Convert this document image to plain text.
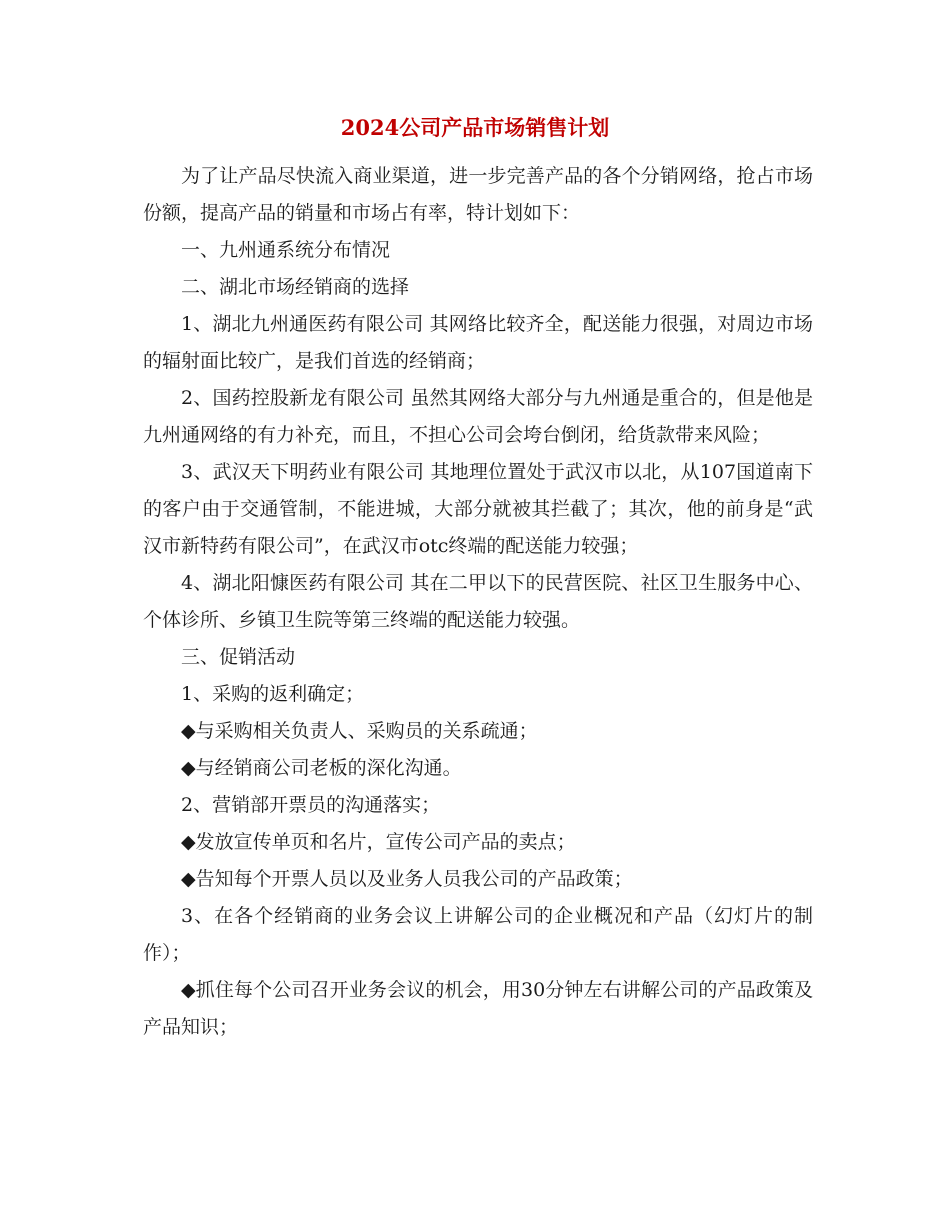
2024公司产品市场销售计划

为了让产品尽快流入商业渠道，进一步完善产品的各个分销网络，抢占市场份额，提高产品的销量和市场占有率，特计划如下：

一、九州通系统分布情况

二、湖北市场经销商的选择

1、湖北九州通医药有限公司 其网络比较齐全，配送能力很强，对周边市场的辐射面比较广，是我们首选的经销商；

2、国药控股新龙有限公司 虽然其网络大部分与九州通是重合的，但是他是九州通网络的有力补充，而且，不担心公司会垮台倒闭，给货款带来风险；

3、武汉天下明药业有限公司 其地理位置处于武汉市以北，从107国道南下的客户由于交通管制，不能进城，大部分就被其拦截了；其次，他的前身是“武汉市新特药有限公司”，在武汉市otc终端的配送能力较强；

4、湖北阳慷医药有限公司 其在二甲以下的民营医院、社区卫生服务中心、个体诊所、乡镇卫生院等第三终端的配送能力较强。

三、促销活动

1、采购的返利确定；

◆与采购相关负责人、采购员的关系疏通；

◆与经销商公司老板的深化沟通。

2、营销部开票员的沟通落实；

◆发放宣传单页和名片，宣传公司产品的卖点；

◆告知每个开票人员以及业务人员我公司的产品政策；

3、在各个经销商的业务会议上讲解公司的企业概况和产品（幻灯片的制作）；

◆抓住每个公司召开业务会议的机会，用30分钟左右讲解公司的产品政策及产品知识；
